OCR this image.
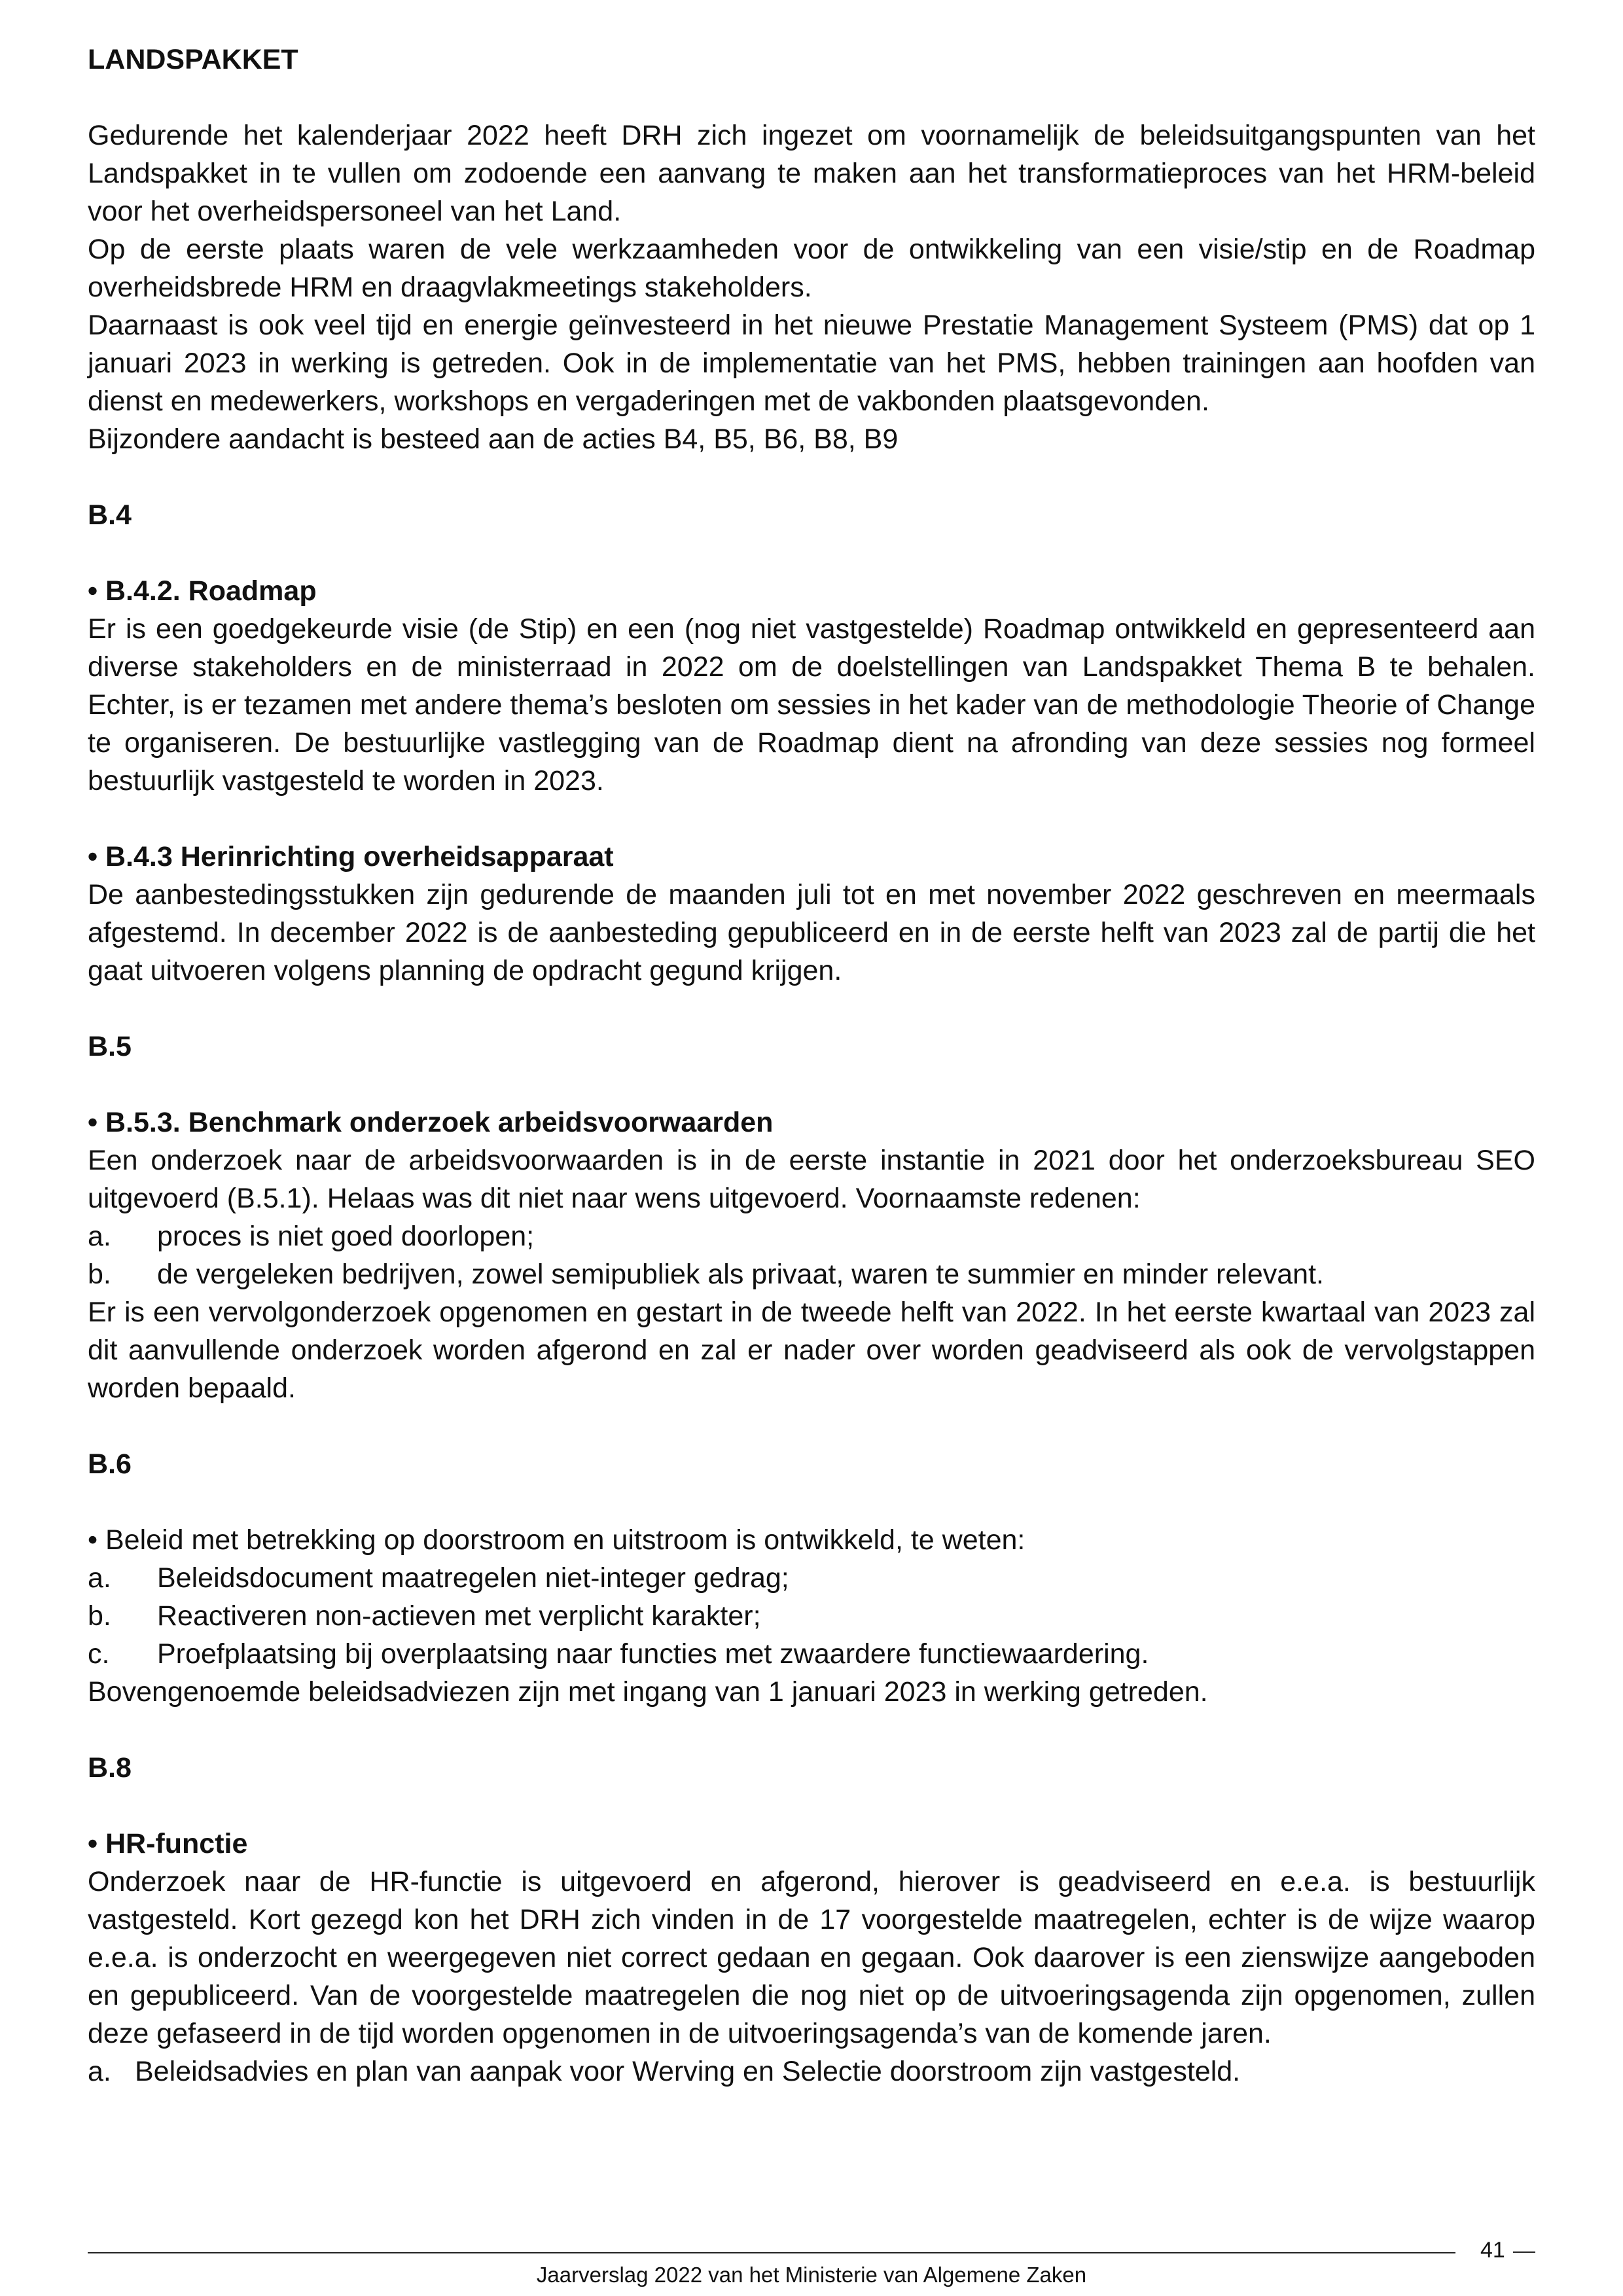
LANDSPAKKET

Gedurende het kalenderjaar 2022 heeft DRH zich ingezet om voornamelijk de beleidsuitgangspunten van het Landspakket in te vullen om zodoende een aanvang te maken aan het transformatieproces van het HRM-beleid voor het overheidspersoneel van het Land.

Op de eerste plaats waren de vele werkzaamheden voor de ontwikkeling van een visie/stip en de Roadmap overheidsbrede HRM en draagvlakmeetings stakeholders.

Daarnaast is ook veel tijd en energie geïnvesteerd in het nieuwe Prestatie Management Systeem (PMS) dat op 1 januari 2023 in werking is getreden. Ook in de implementatie van het PMS, hebben trainingen aan hoofden van dienst en medewerkers, workshops en vergaderingen met de vakbonden plaatsgevonden.

Bijzondere aandacht is besteed aan de acties B4, B5, B6, B8, B9

B.4

• B.4.2. Roadmap

Er is een goedgekeurde visie (de Stip) en een (nog niet vastgestelde) Roadmap ontwikkeld en gepresenteerd aan diverse stakeholders en de ministerraad in 2022 om de doelstellingen van Landspakket Thema B te behalen. Echter, is er tezamen met andere thema’s besloten om sessies in het kader van de methodologie Theorie of Change te organiseren. De bestuurlijke vastlegging van de Roadmap dient na afronding van deze sessies nog formeel bestuurlijk vastgesteld te worden in 2023.

• B.4.3 Herinrichting overheidsapparaat

De aanbestedingsstukken zijn gedurende de maanden juli tot en met november 2022 geschreven en meermaals afgestemd. In december 2022 is de aanbesteding gepubliceerd en in de eerste helft van 2023 zal de partij die het gaat uitvoeren volgens planning de opdracht gegund krijgen.

B.5

• B.5.3. Benchmark onderzoek arbeidsvoorwaarden

Een onderzoek naar de arbeidsvoorwaarden is in de eerste instantie in 2021 door het onderzoeksbureau SEO uitgevoerd (B.5.1). Helaas was dit niet naar wens uitgevoerd. Voornaamste redenen:

a.	proces is niet goed doorlopen;
b.	de vergeleken bedrijven, zowel semipubliek als privaat, waren te summier en minder relevant.

Er is een vervolgonderzoek opgenomen en gestart in de tweede helft van 2022. In het eerste kwartaal van 2023 zal dit aanvullende onderzoek worden afgerond en zal er nader over worden geadviseerd als ook de vervolgstappen worden bepaald.

B.6

• Beleid met betrekking op doorstroom en uitstroom is ontwikkeld, te weten:

a.	Beleidsdocument maatregelen niet-integer gedrag;
b.	Reactiveren non-actieven met verplicht karakter;
c.	Proefplaatsing bij overplaatsing naar functies met zwaardere functiewaardering.

Bovengenoemde beleidsadviezen zijn met ingang van 1 januari 2023 in werking getreden.

B.8

• HR-functie

Onderzoek naar de HR-functie is uitgevoerd en afgerond, hierover is geadviseerd en e.e.a. is bestuurlijk vastgesteld. Kort gezegd kon het DRH zich vinden in de 17 voorgestelde maatregelen, echter is de wijze waarop e.e.a. is onderzocht en weergegeven niet correct gedaan en gegaan. Ook daarover is een zienswijze aangeboden en gepubliceerd. Van de voorgestelde maatregelen die nog niet op de uitvoeringsagenda zijn opgenomen, zullen deze gefaseerd in de tijd worden opgenomen in de uitvoeringsagenda’s van de komende jaren.

a. Beleidsadvies en plan van aanpak voor Werving en Selectie doorstroom zijn vastgesteld.
41
Jaarverslag 2022 van het Ministerie van Algemene Zaken
